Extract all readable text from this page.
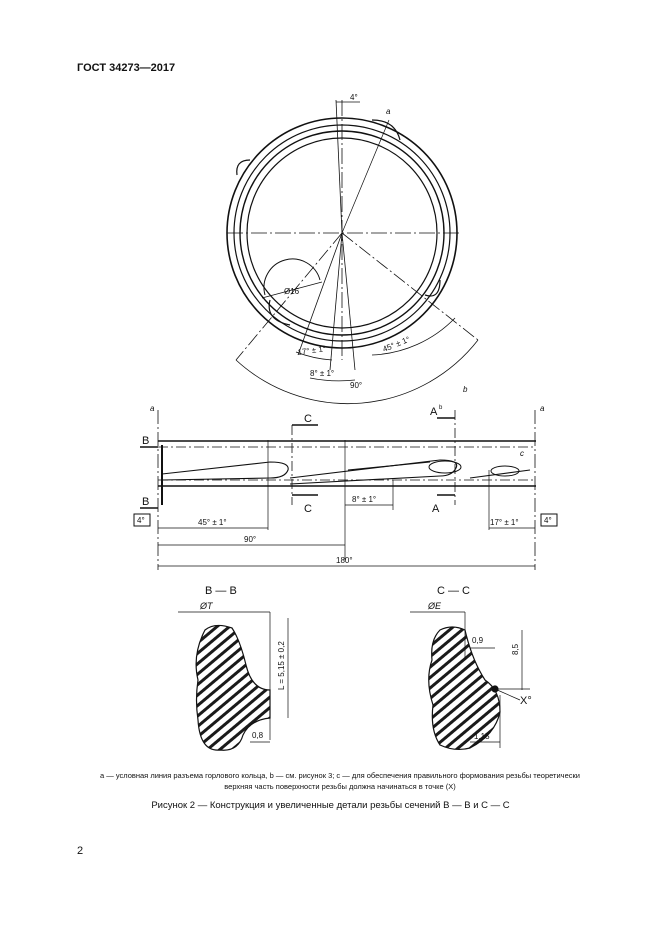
ГОСТ 34273—2017
4°
a
Ø16
17° ± 1°
8° ± 1°
45° ± 1°
90°
a	a
B
B
C
C
A b
A
b
c
4°	4°
45° ± 1°
8° ± 1°
17° ± 1°
90°
180°
B — B
ØT
L = 5,15 ± 0,2
0,8
C — C
ØE
0,9
8,5
X°
1,15
a — условная линия разъема горлового кольца, b — см. рисунок 3; c — для обеспечения правильного формования резьбы теоретически верхняя часть поверхности резьбы должна начинаться в точке (X)
Рисунок 2 — Конструкция и увеличенные детали резьбы сечений В — В и С — С
2
